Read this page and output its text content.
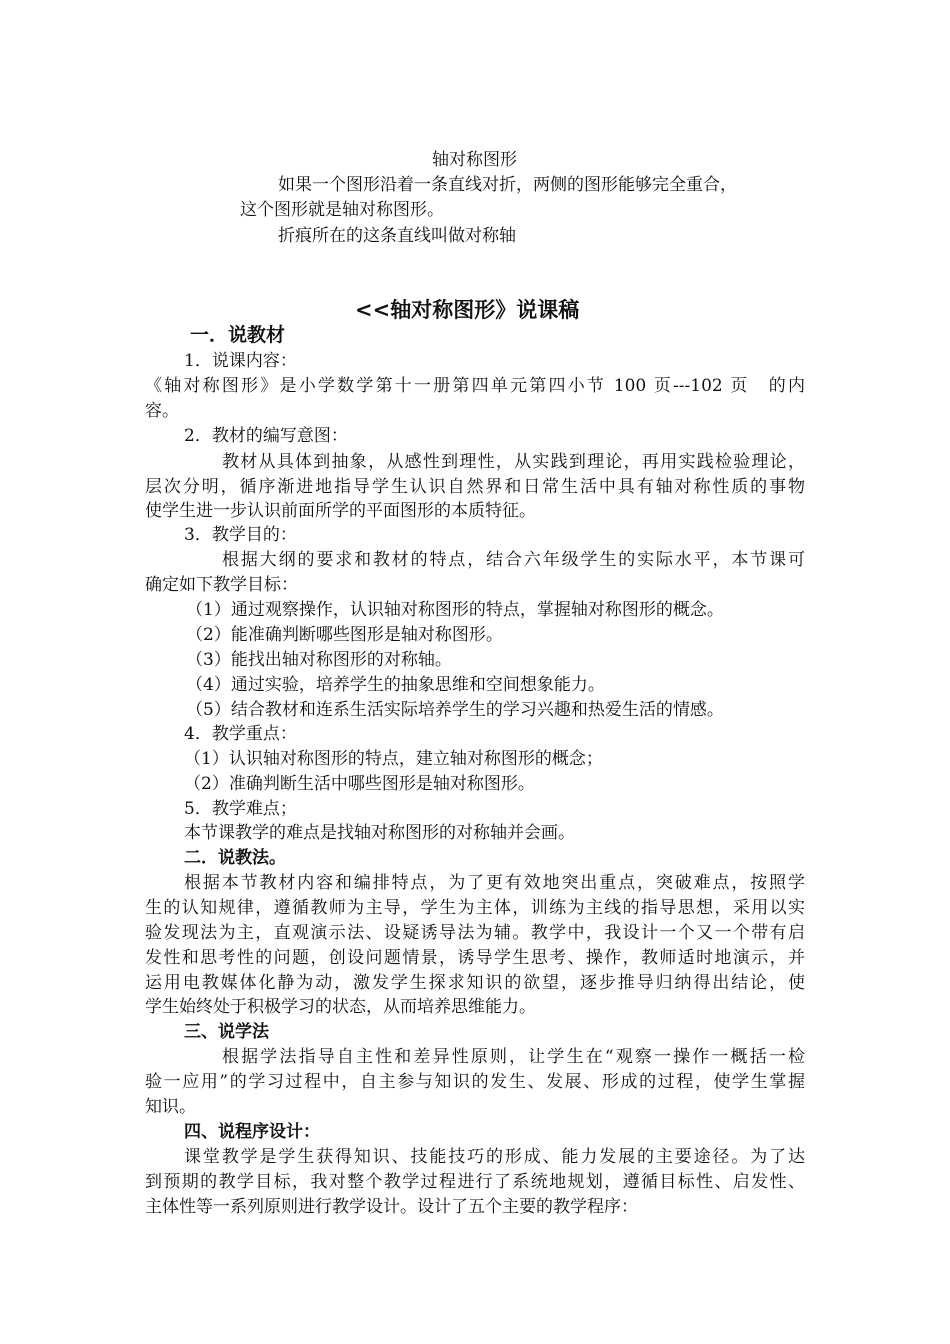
轴对称图形
如果一个图形沿着一条直线对折，两侧的图形能够完全重合，
这个图形就是轴对称图形。
折痕所在的这条直线叫做对称轴
<<轴对称图形》说课稿
一．说教材
1．说课内容：
《轴对称图形》是小学数学第十一册第四单元第四小节 100 页---102 页　的内
容。
2．教材的编写意图：
教材从具体到抽象，从感性到理性，从实践到理论，再用实践检验理论，
层次分明，循序渐进地指导学生认识自然界和日常生活中具有轴对称性质的事物
使学生进一步认识前面所学的平面图形的本质特征。
3．教学目的：
根据大纲的要求和教材的特点，结合六年级学生的实际水平，本节课可
确定如下教学目标：
（1）通过观察操作，认识轴对称图形的特点，掌握轴对称图形的概念。
（2）能准确判断哪些图形是轴对称图形。
（3）能找出轴对称图形的对称轴。
（4）通过实验，培养学生的抽象思维和空间想象能力。
（5）结合教材和连系生活实际培养学生的学习兴趣和热爱生活的情感。
4．教学重点：
（1）认识轴对称图形的特点，建立轴对称图形的概念；
（2）准确判断生活中哪些图形是轴对称图形。
5．教学难点；
本节课教学的难点是找轴对称图形的对称轴并会画。
二．说教法。
根据本节教材内容和编排特点，为了更有效地突出重点，突破难点，按照学
生的认知规律，遵循教师为主导，学生为主体，训练为主线的指导思想，采用以实
验发现法为主，直观演示法、设疑诱导法为辅。教学中，我设计一个又一个带有启
发性和思考性的问题，创设问题情景，诱导学生思考、操作，教师适时地演示，并
运用电教媒体化静为动，激发学生探求知识的欲望，逐步推导归纳得出结论，使
学生始终处于积极学习的状态，从而培养思维能力。
三、说学法
根据学法指导自主性和差异性原则，让学生在“观察一操作一概括一检
验一应用”的学习过程中，自主参与知识的发生、发展、形成的过程，使学生掌握
知识。
四、说程序设计：
课堂教学是学生获得知识、技能技巧的形成、能力发展的主要途径。为了达
到预期的教学目标，我对整个教学过程进行了系统地规划，遵循目标性、启发性、
主体性等一系列原则进行教学设计。设计了五个主要的教学程序：
